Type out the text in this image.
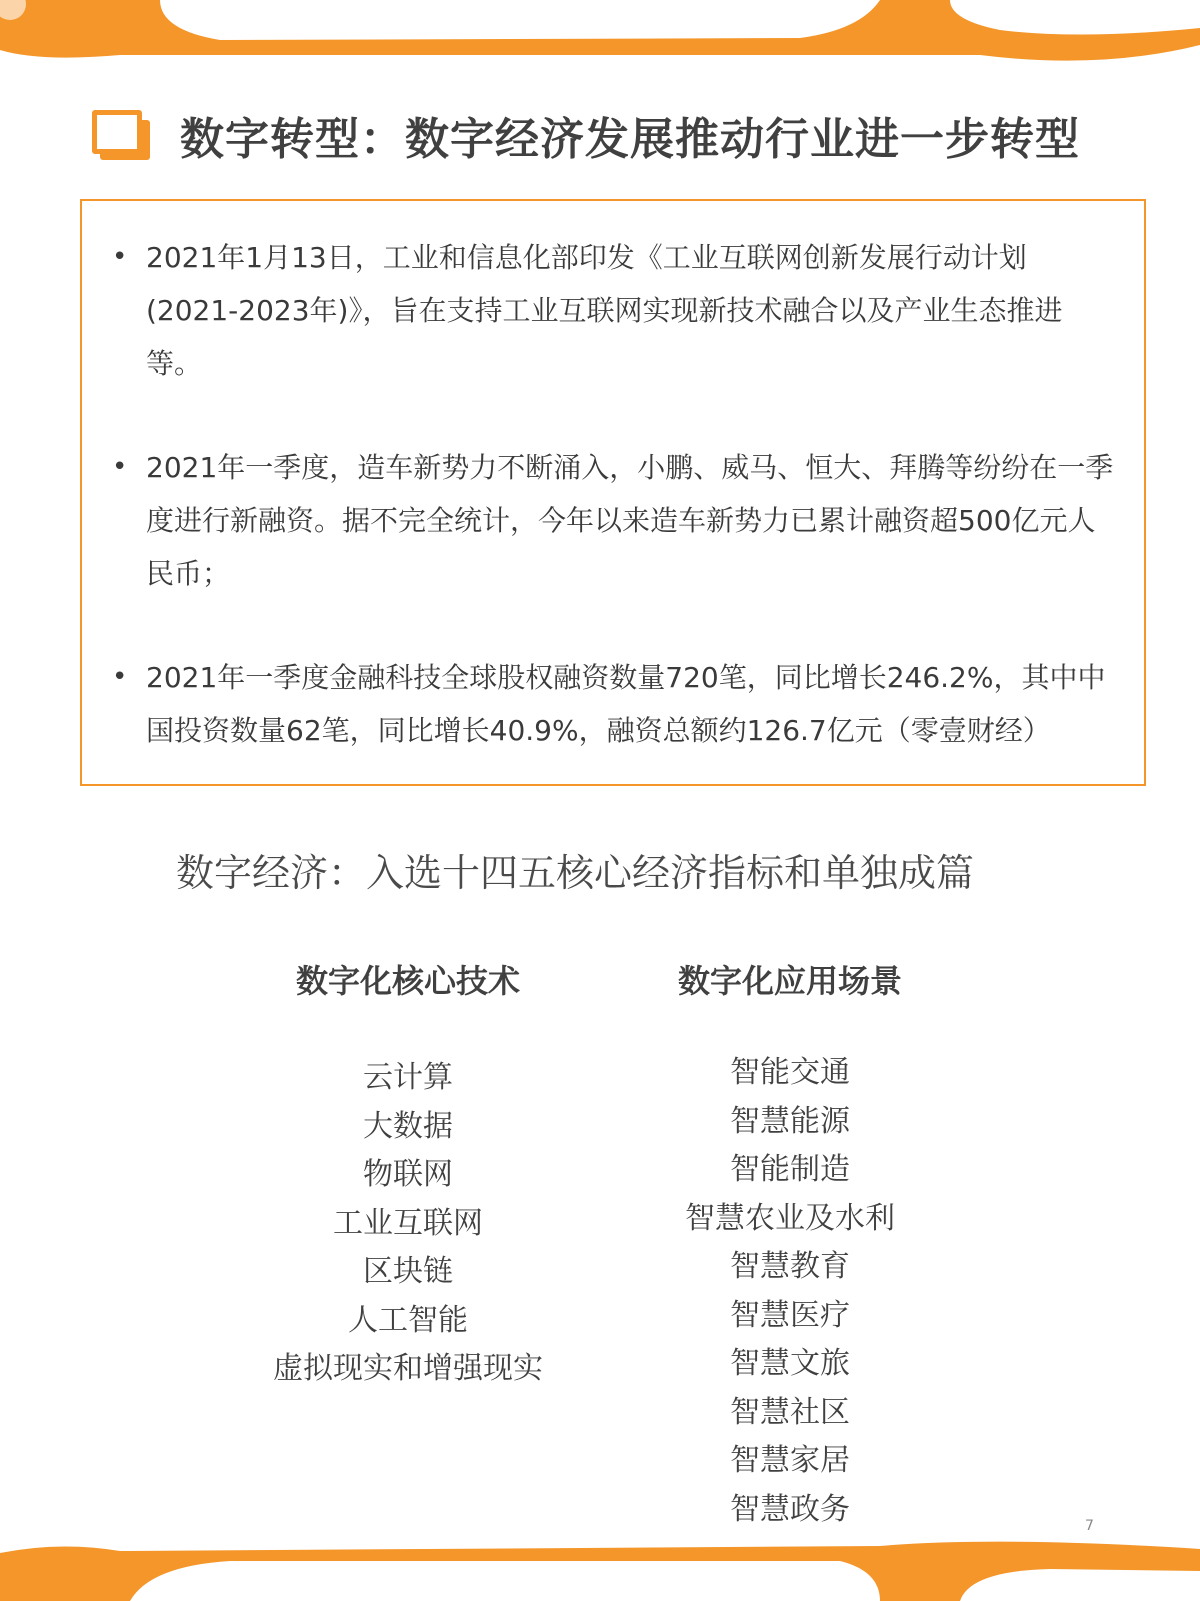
数字转型：数字经济发展推动行业进一步转型
• 2021年1月13日，工业和信息化部印发《工业互联网创新发展行动计划(2021-2023年)》，旨在支持工业互联网实现新技术融合以及产业生态推进等。
• 2021年一季度，造车新势力不断涌入，小鹏、威马、恒大、拜腾等纷纷在一季度进行新融资。据不完全统计，今年以来造车新势力已累计融资超500亿元人民币；
• 2021年一季度金融科技全球股权融资数量720笔，同比增长246.2%，其中中国投资数量62笔，同比增长40.9%，融资总额约126.7亿元（零壹财经）
数字经济：入选十四五核心经济指标和单独成篇
数字化核心技术
云计算
大数据
物联网
工业互联网
区块链
人工智能
虚拟现实和增强现实
数字化应用场景
智能交通
智慧能源
智能制造
智慧农业及水利
智慧教育
智慧医疗
智慧文旅
智慧社区
智慧家居
智慧政务	7
